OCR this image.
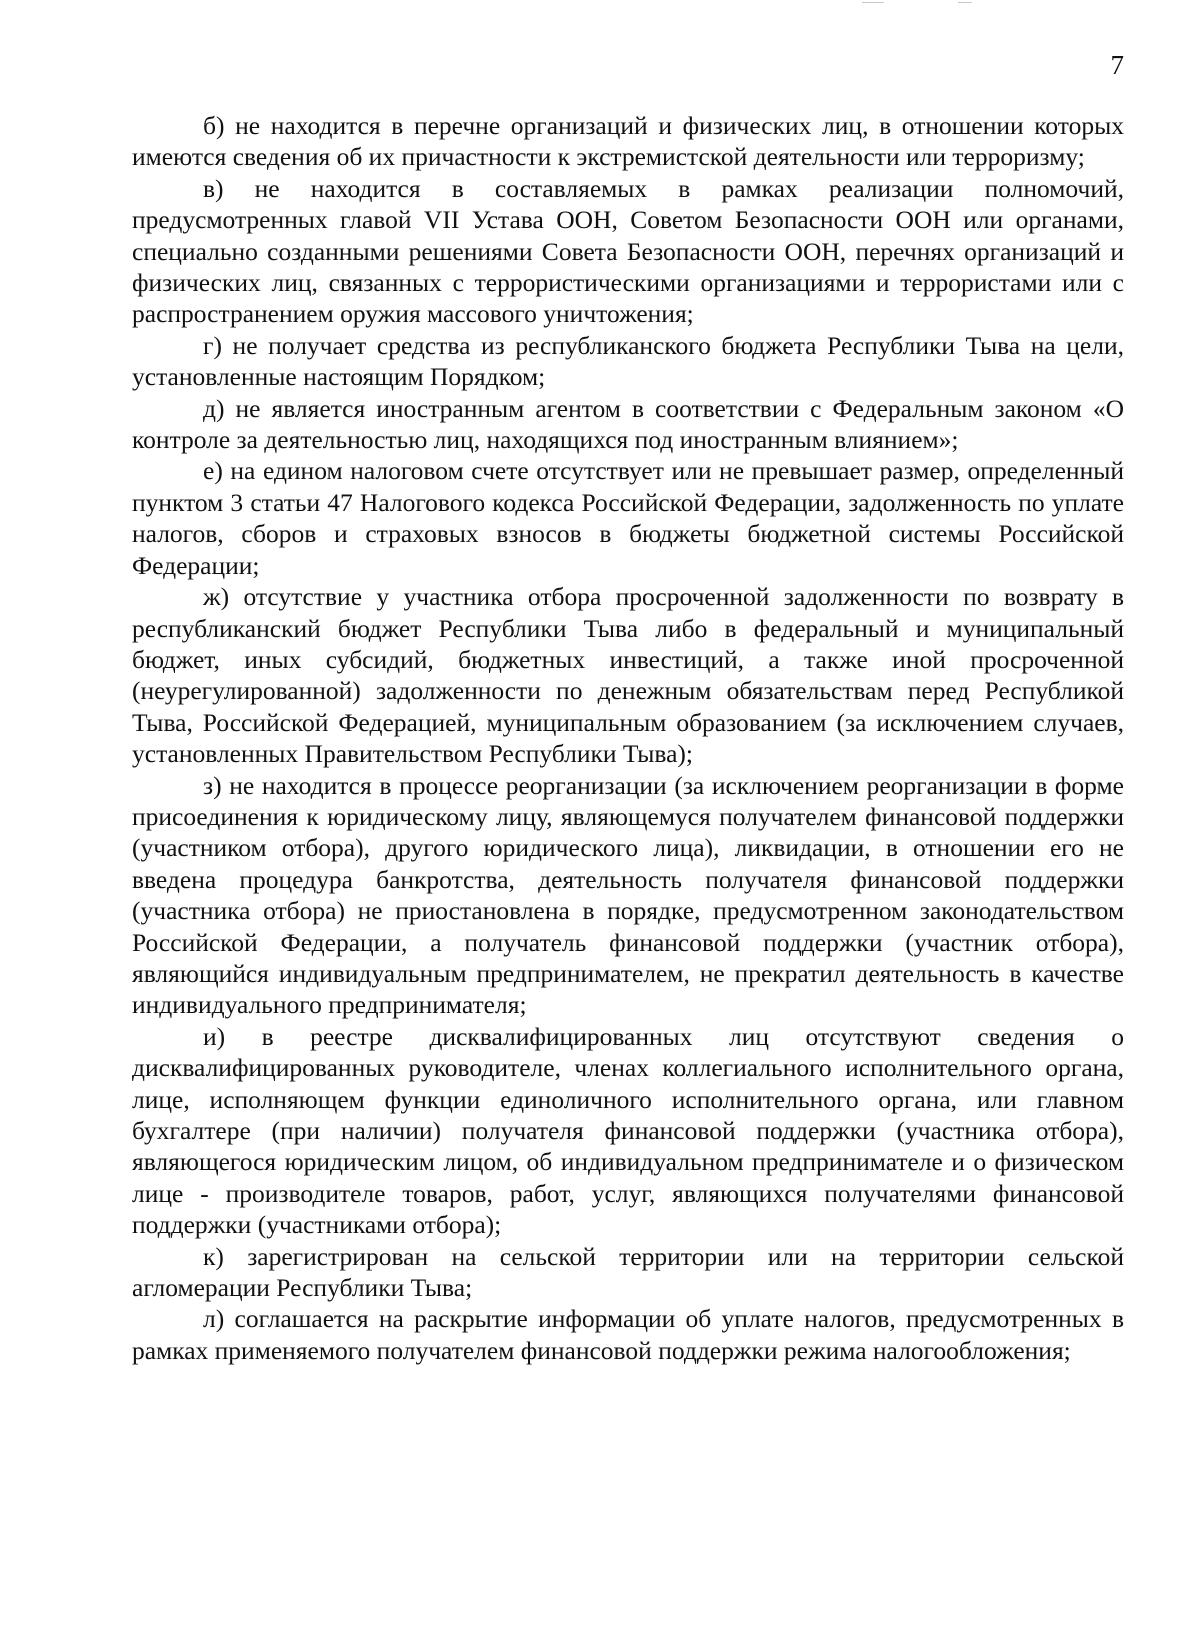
7

б) не находится в перечне организаций и физических лиц, в отношении которых имеются сведения об их причастности к экстремистской деятельности или терроризму;

в) не находится в составляемых в рамках реализации полномочий, предусмотренных главой VII Устава ООН, Советом Безопасности ООН или органами, специально созданными решениями Совета Безопасности ООН, перечнях организаций и физических лиц, связанных с террористическими организациями и террористами или с распространением оружия массового уничтожения;

г) не получает средства из республиканского бюджета Республики Тыва на цели, установленные настоящим Порядком;

д) не является иностранным агентом в соответствии с Федеральным законом «О контроле за деятельностью лиц, находящихся под иностранным влиянием»;

е) на едином налоговом счете отсутствует или не превышает размер, определенный пунктом 3 статьи 47 Налогового кодекса Российской Федерации, задолженность по уплате налогов, сборов и страховых взносов в бюджеты бюджетной системы Российской Федерации;

ж) отсутствие у участника отбора просроченной задолженности по возврату в республиканский бюджет Республики Тыва либо в федеральный и муниципальный бюджет, иных субсидий, бюджетных инвестиций, а также иной просроченной (неурегулированной) задолженности по денежным обязательствам перед Республикой Тыва, Российской Федерацией, муниципальным образованием (за исключением случаев, установленных Правительством Республики Тыва);

з) не находится в процессе реорганизации (за исключением реорганизации в форме присоединения к юридическому лицу, являющемуся получателем финансовой поддержки (участником отбора), другого юридического лица), ликвидации, в отношении его не введена процедура банкротства, деятельность получателя финансовой поддержки (участника отбора) не приостановлена в порядке, предусмотренном законодательством Российской Федерации, а получатель финансовой поддержки (участник отбора), являющийся индивидуальным предпринимателем, не прекратил деятельность в качестве индивидуального предпринимателя;

и) в реестре дисквалифицированных лиц отсутствуют сведения о дисквалифицированных руководителе, членах коллегиального исполнительного органа, лице, исполняющем функции единоличного исполнительного органа, или главном бухгалтере (при наличии) получателя финансовой поддержки (участника отбора), являющегося юридическим лицом, об индивидуальном предпринимателе и о физическом лице - производителе товаров, работ, услуг, являющихся получателями финансовой поддержки (участниками отбора);

к) зарегистрирован на сельской территории или на территории сельской агломерации Республики Тыва;

л) соглашается на раскрытие информации об уплате налогов, предусмотренных в рамках применяемого получателем финансовой поддержки режима налогообложения;
